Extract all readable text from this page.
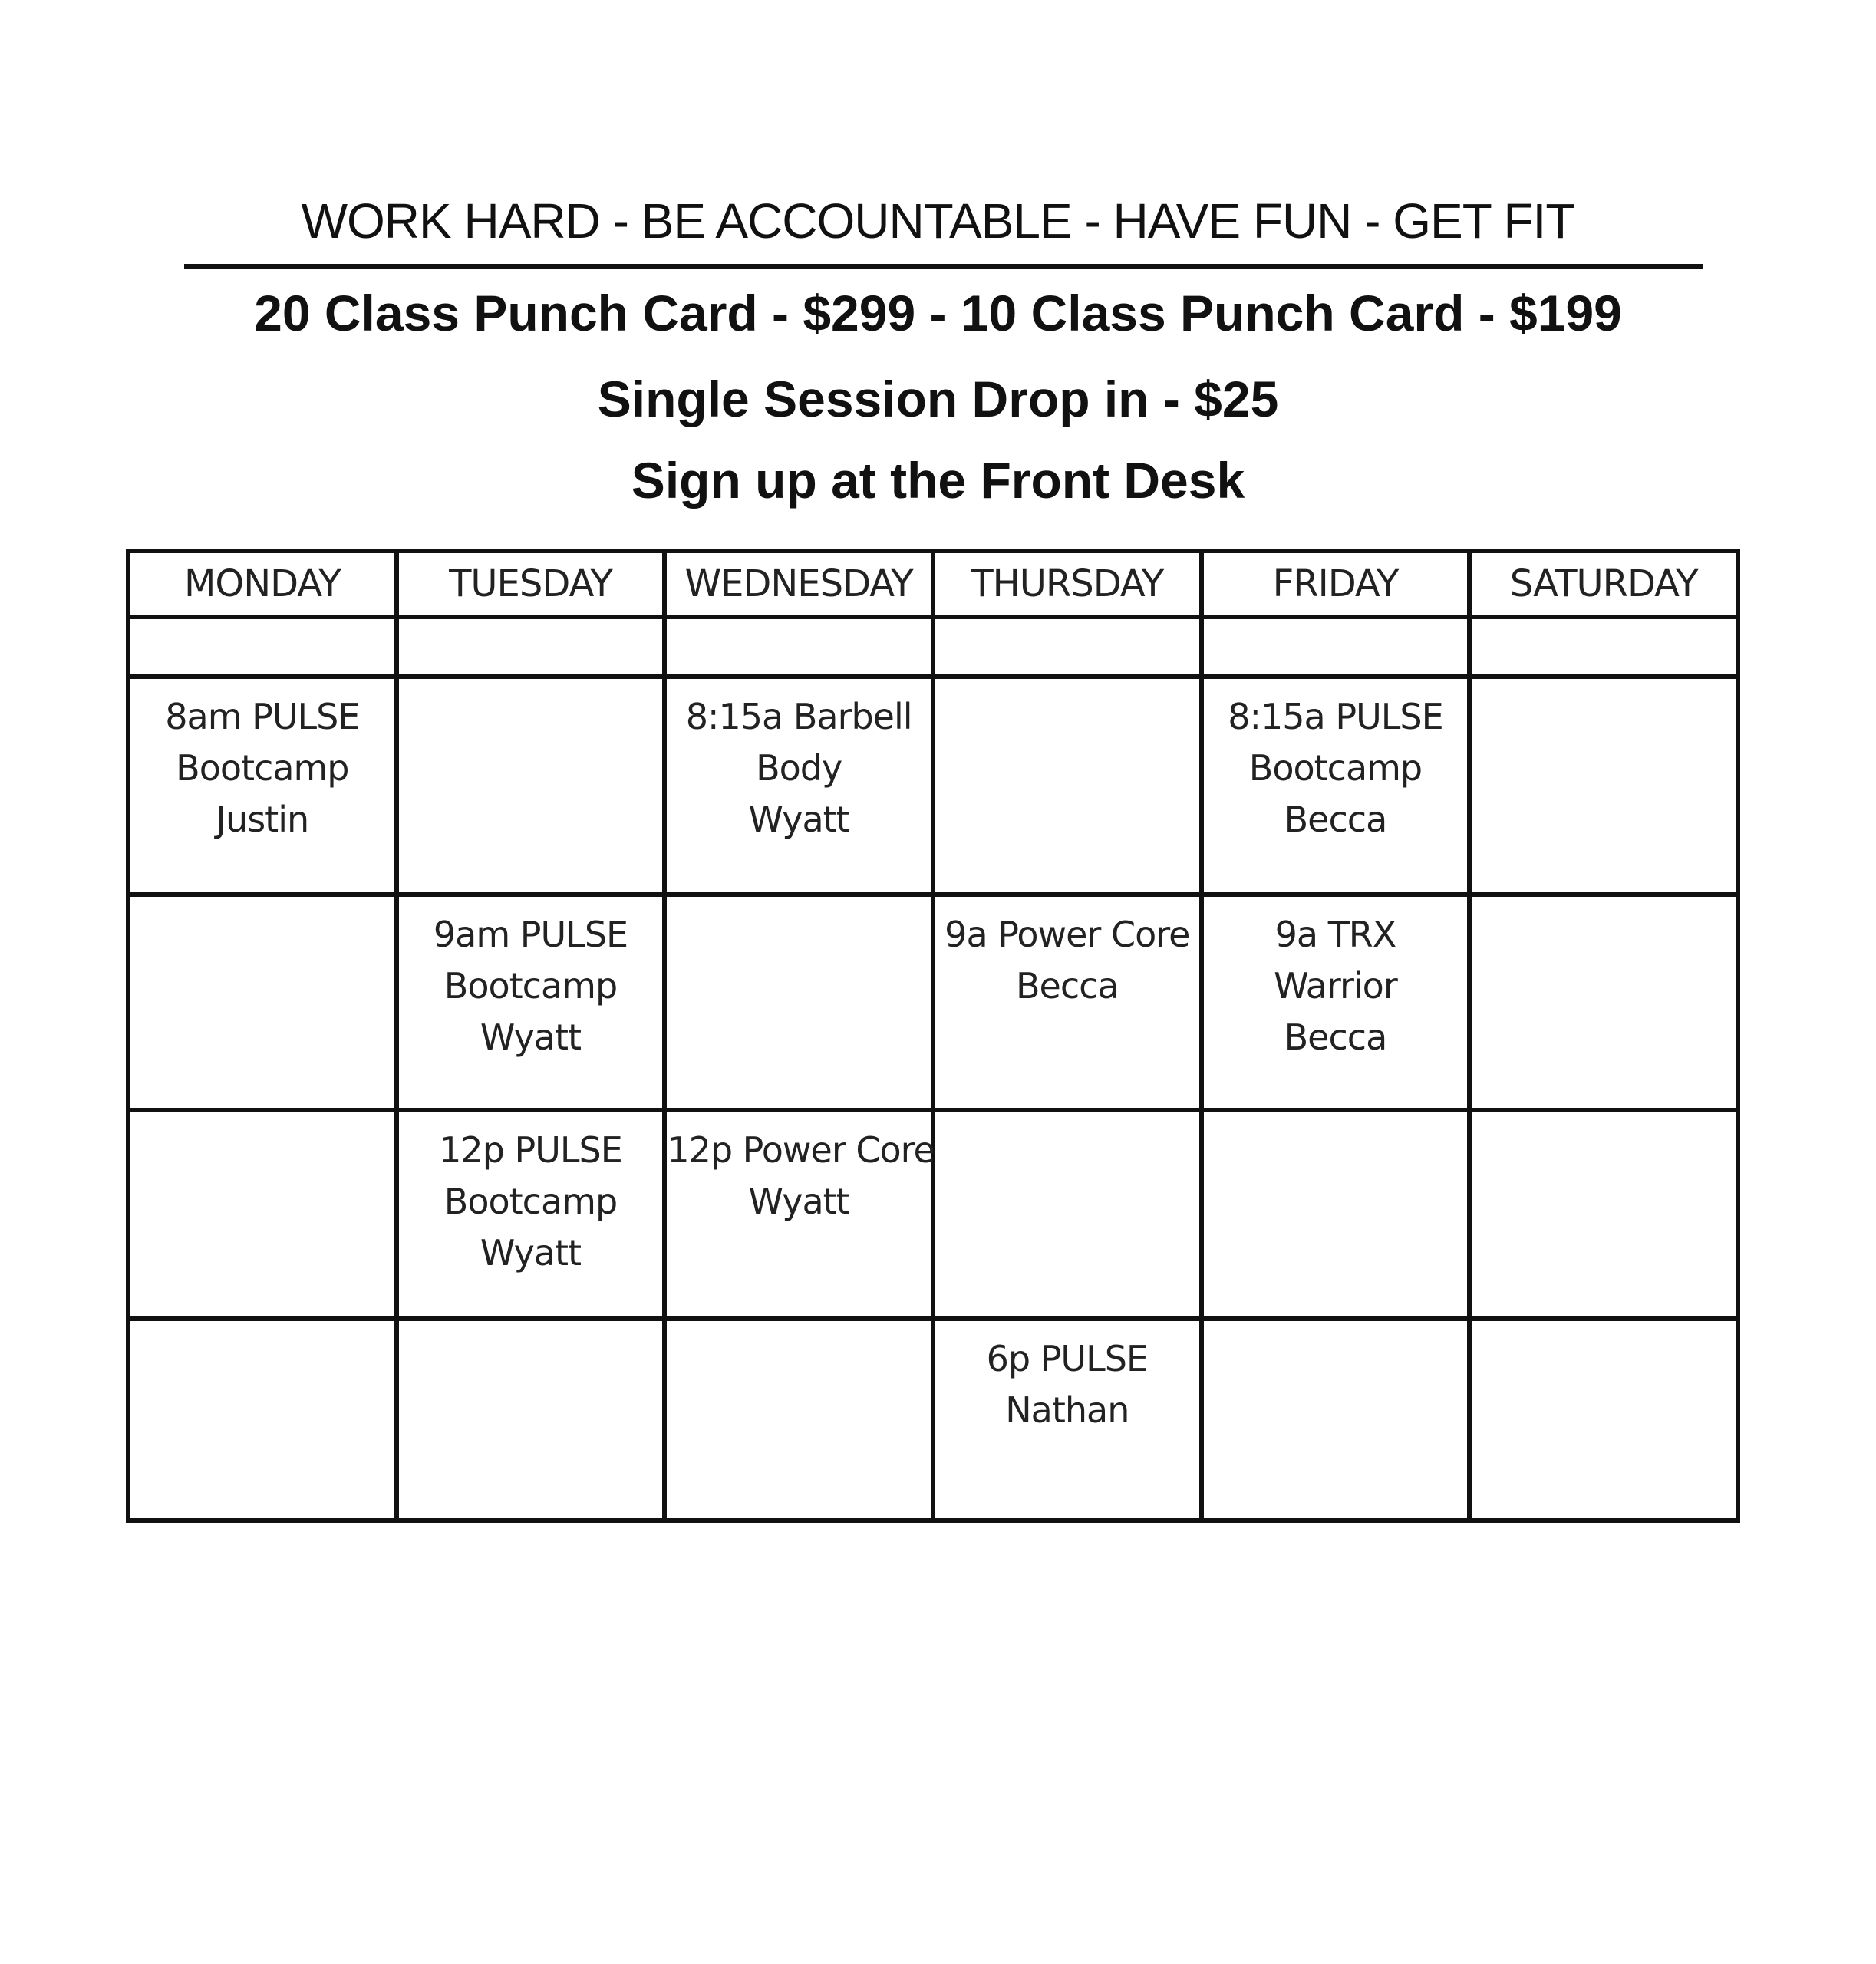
WORK HARD - BE ACCOUNTABLE - HAVE FUN - GET FIT
20 Class Punch Card - $299 - 10 Class Punch Card - $199
Single Session Drop in - $25
Sign up at the Front Desk
MONDAY	TUESDAY	WEDNESDAY	THURSDAY	FRIDAY	SATURDAY

8am PULSE
Bootcamp
Justin		8:15a Barbell
Body
Wyatt		8:15a PULSE
Bootcamp
Becca	

	9am PULSE
Bootcamp
Wyatt		9a Power Core
Becca	9a TRX
Warrior
Becca	

	12p PULSE
Bootcamp
Wyatt	12p Power Core
Wyatt			

			6p PULSE
Nathan		
